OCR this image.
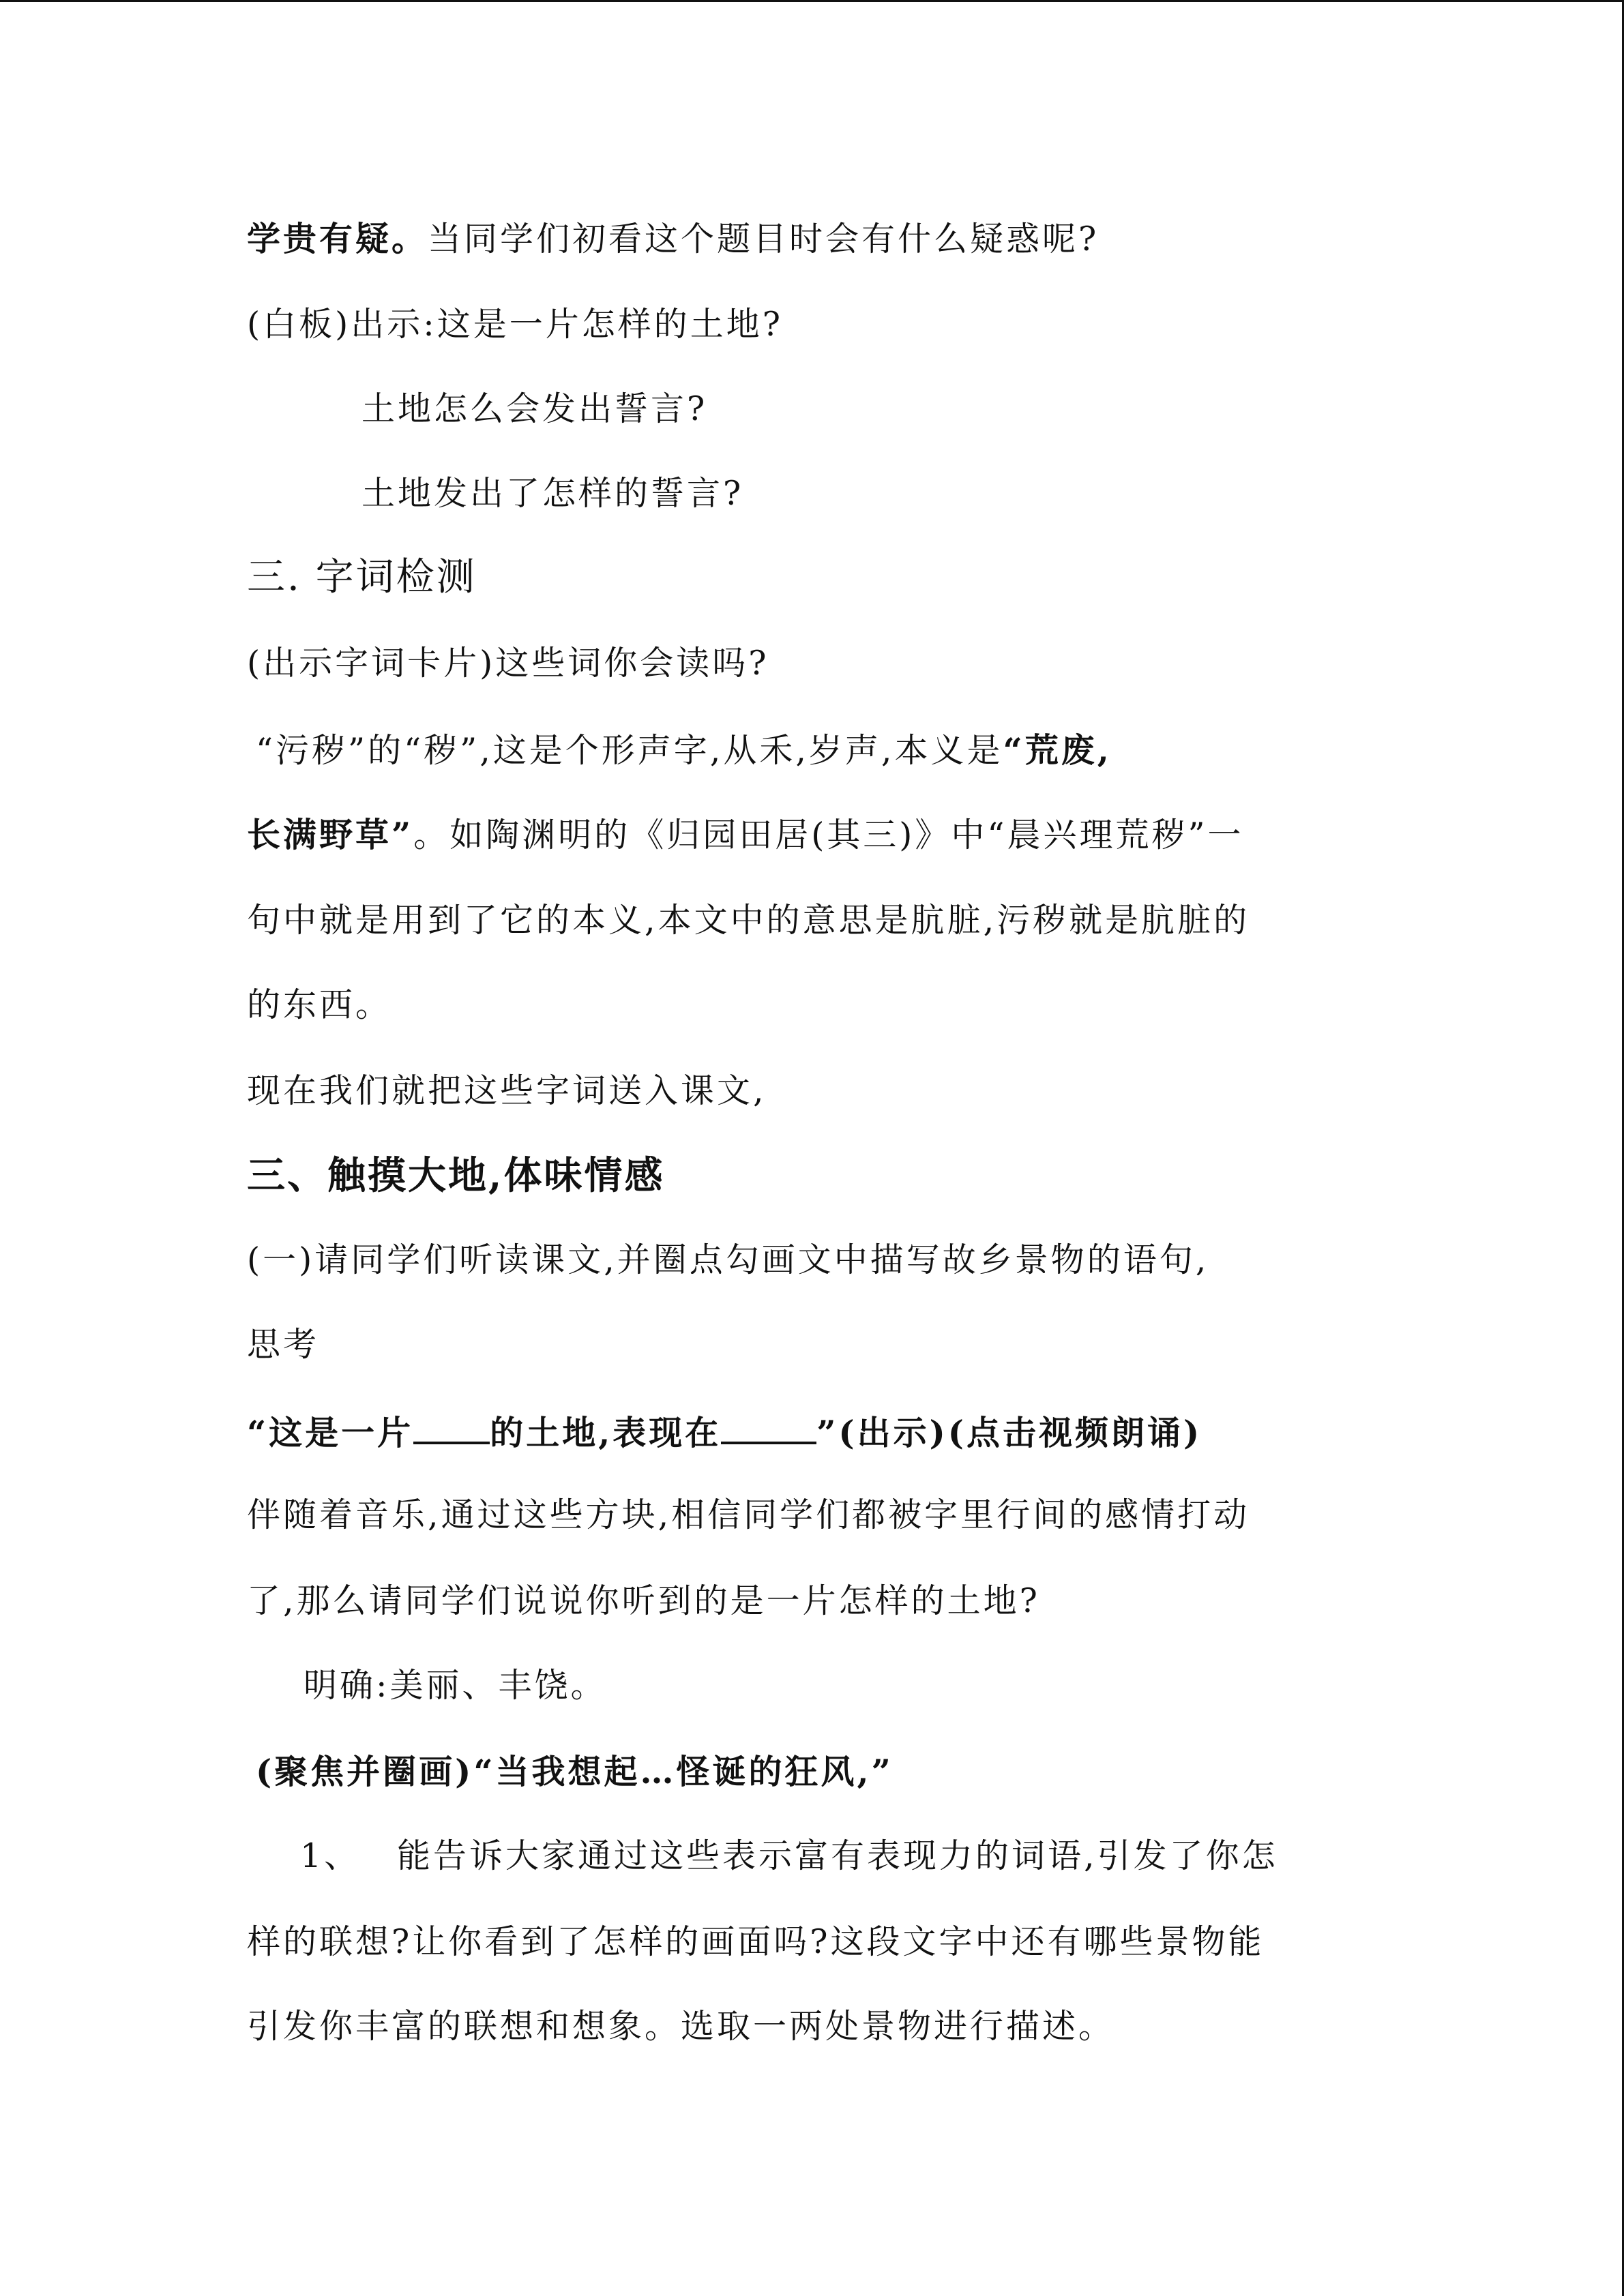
学贵有疑。当同学们初看这个题目时会有什么疑惑呢?
(白板)出示:这是一片怎样的土地?
土地怎么会发出誓言?
土地发出了怎样的誓言?
三. 字词检测
(出示字词卡片)这些词你会读吗?
“污秽”的“秽”,这是个形声字,从禾,岁声,本义是“荒废,
长满野草”。如陶渊明的《归园田居(其三)》中“晨兴理荒秽”一
句中就是用到了它的本义,本文中的意思是肮脏,污秽就是肮脏的
的东西。
现在我们就把这些字词送入课文,
三、触摸大地,体味情感
(一)请同学们听读课文,并圈点勾画文中描写故乡景物的语句,
思考
“这是一片 的土地,表现在	”(出示)(点击视频朗诵)
伴随着音乐,通过这些方块,相信同学们都被字里行间的感情打动
了,那么请同学们说说你听到的是一片怎样的土地?
明确:美丽、丰饶。
(聚焦并圈画)“当我想起…怪诞的狂风,”
1、 能告诉大家通过这些表示富有表现力的词语,引发了你怎
样的联想?让你看到了怎样的画面吗?这段文字中还有哪些景物能
引发你丰富的联想和想象。选取一两处景物进行描述。
